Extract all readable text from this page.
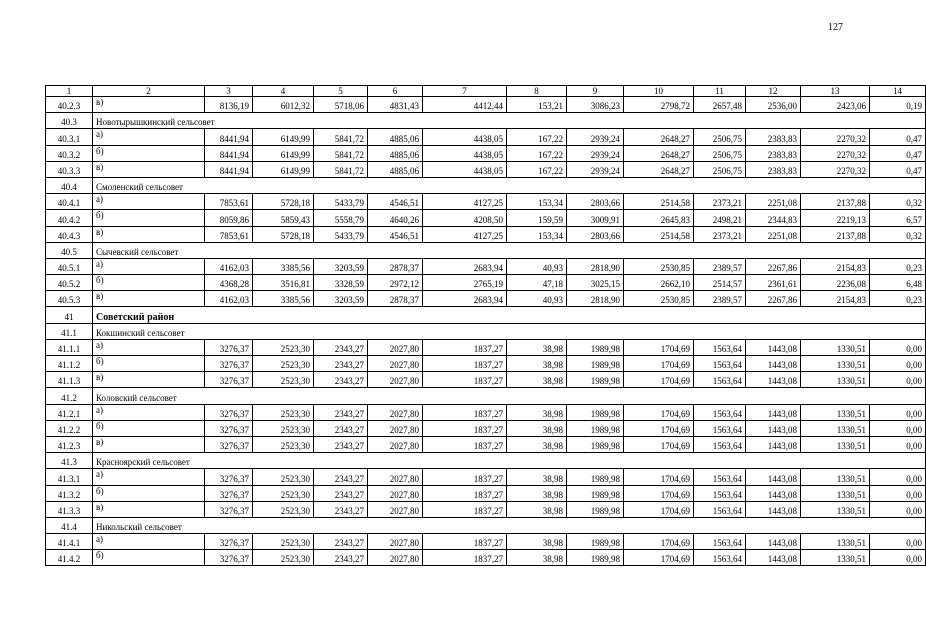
127
1	2	3	4	5	6	7	8	9	10	11	12	13	14
40.2.3	в)	8136,19	6012,32	5718,06	4831,43	4412,44	153,21	3086,23	2798,72	2657,48	2536,00	2423,06	0,19
40.3	Новотырышкинский сельсовет												
40.3.1	а)	8441,94	6149,99	5841,72	4885,06	4438,05	167,22	2939,24	2648,27	2506,75	2383,83	2270,32	0,47
40.3.2	б)	8441,94	6149,99	5841,72	4885,06	4438,05	167,22	2939,24	2648,27	2506,75	2383,83	2270,32	0,47
40.3.3	в)	8441,94	6149,99	5841,72	4885,06	4438,05	167,22	2939,24	2648,27	2506,75	2383,83	2270,32	0,47
40.4	Смоленский сельсовет												
40.4.1	а)	7853,61	5728,18	5433,79	4546,51	4127,25	153,34	2803,66	2514,58	2373,21	2251,08	2137,88	0,32
40.4.2	б)	8059,86	5859,43	5558,79	4640,26	4208,50	159,59	3009,91	2645,83	2498,21	2344,83	2219,13	6,57
40.4.3	в)	7853,61	5728,18	5433,79	4546,51	4127,25	153,34	2803,66	2514,58	2373,21	2251,08	2137,88	0,32
40.5	Сычевский сельсовет												
40.5.1	а)	4162,03	3385,56	3203,59	2878,37	2683,94	40,93	2818,90	2530,85	2389,57	2267,86	2154,83	0,23
40.5.2	б)	4368,28	3516,81	3328,59	2972,12	2765,19	47,18	3025,15	2662,10	2514,57	2361,61	2236,08	6,48
40.5.3	в)	4162,03	3385,56	3203,59	2878,37	2683,94	40,93	2818,90	2530,85	2389,57	2267,86	2154,83	0,23
41	Советский район												
41.1	Кокшинский сельсовет												
41.1.1	а)	3276,37	2523,30	2343,27	2027,80	1837,27	38,98	1989,98	1704,69	1563,64	1443,08	1330,51	0,00
41.1.2	б)	3276,37	2523,30	2343,27	2027,80	1837,27	38,98	1989,98	1704,69	1563,64	1443,08	1330,51	0,00
41.1.3	в)	3276,37	2523,30	2343,27	2027,80	1837,27	38,98	1989,98	1704,69	1563,64	1443,08	1330,51	0,00
41.2	Коловский сельсовет												
41.2.1	а)	3276,37	2523,30	2343,27	2027,80	1837,27	38,98	1989,98	1704,69	1563,64	1443,08	1330,51	0,00
41.2.2	б)	3276,37	2523,30	2343,27	2027,80	1837,27	38,98	1989,98	1704,69	1563,64	1443,08	1330,51	0,00
41.2.3	в)	3276,37	2523,30	2343,27	2027,80	1837,27	38,98	1989,98	1704,69	1563,64	1443,08	1330,51	0,00
41.3	Красноярский сельсовет												
41.3.1	а)	3276,37	2523,30	2343,27	2027,80	1837,27	38,98	1989,98	1704,69	1563,64	1443,08	1330,51	0,00
41.3.2	б)	3276,37	2523,30	2343,27	2027,80	1837,27	38,98	1989,98	1704,69	1563,64	1443,08	1330,51	0,00
41.3.3	в)	3276,37	2523,30	2343,27	2027,80	1837,27	38,98	1989,98	1704,69	1563,64	1443,08	1330,51	0,00
41.4	Никольский сельсовет												
41.4.1	а)	3276,37	2523,30	2343,27	2027,80	1837,27	38,98	1989,98	1704,69	1563,64	1443,08	1330,51	0,00
41.4.2	б)	3276,37	2523,30	2343,27	2027,80	1837,27	38,98	1989,98	1704,69	1563,64	1443,08	1330,51	0,00
